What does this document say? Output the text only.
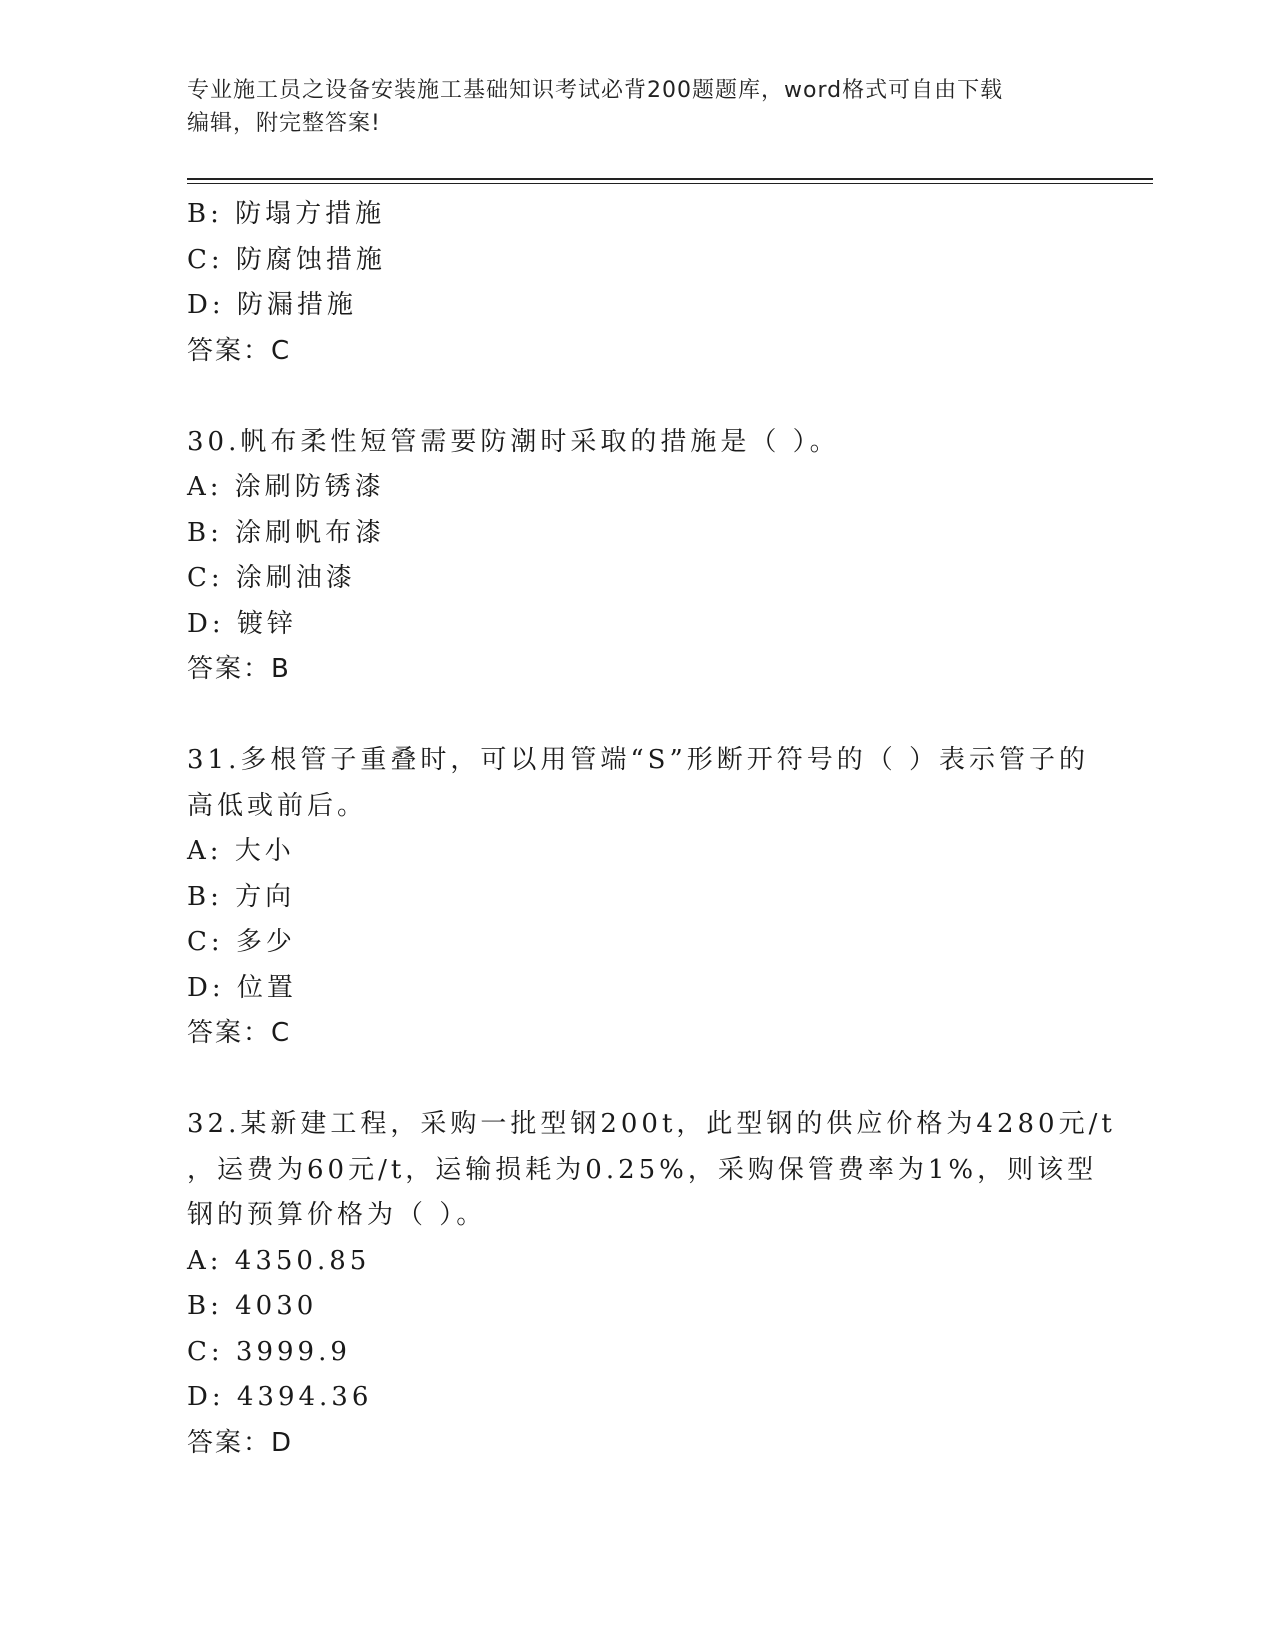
专业施工员之设备安装施工基础知识考试必背200题题库，word格式可自由下载
编辑，附完整答案!
B: 防塌方措施
C: 防腐蚀措施
D: 防漏措施
答案：C
30.帆布柔性短管需要防潮时采取的措施是（ ）。
A: 涂刷防锈漆
B: 涂刷帆布漆
C: 涂刷油漆
D: 镀锌
答案：B
31.多根管子重叠时，可以用管端“S”形断开符号的（ ）表示管子的
高低或前后。
A: 大小
B: 方向
C: 多少
D: 位置
答案：C
32.某新建工程，采购一批型钢200t，此型钢的供应价格为4280元/t
，运费为60元/t，运输损耗为0.25%，采购保管费率为1%，则该型
钢的预算价格为（ ）。
A: 4350.85
B: 4030
C: 3999.9
D: 4394.36
答案：D
